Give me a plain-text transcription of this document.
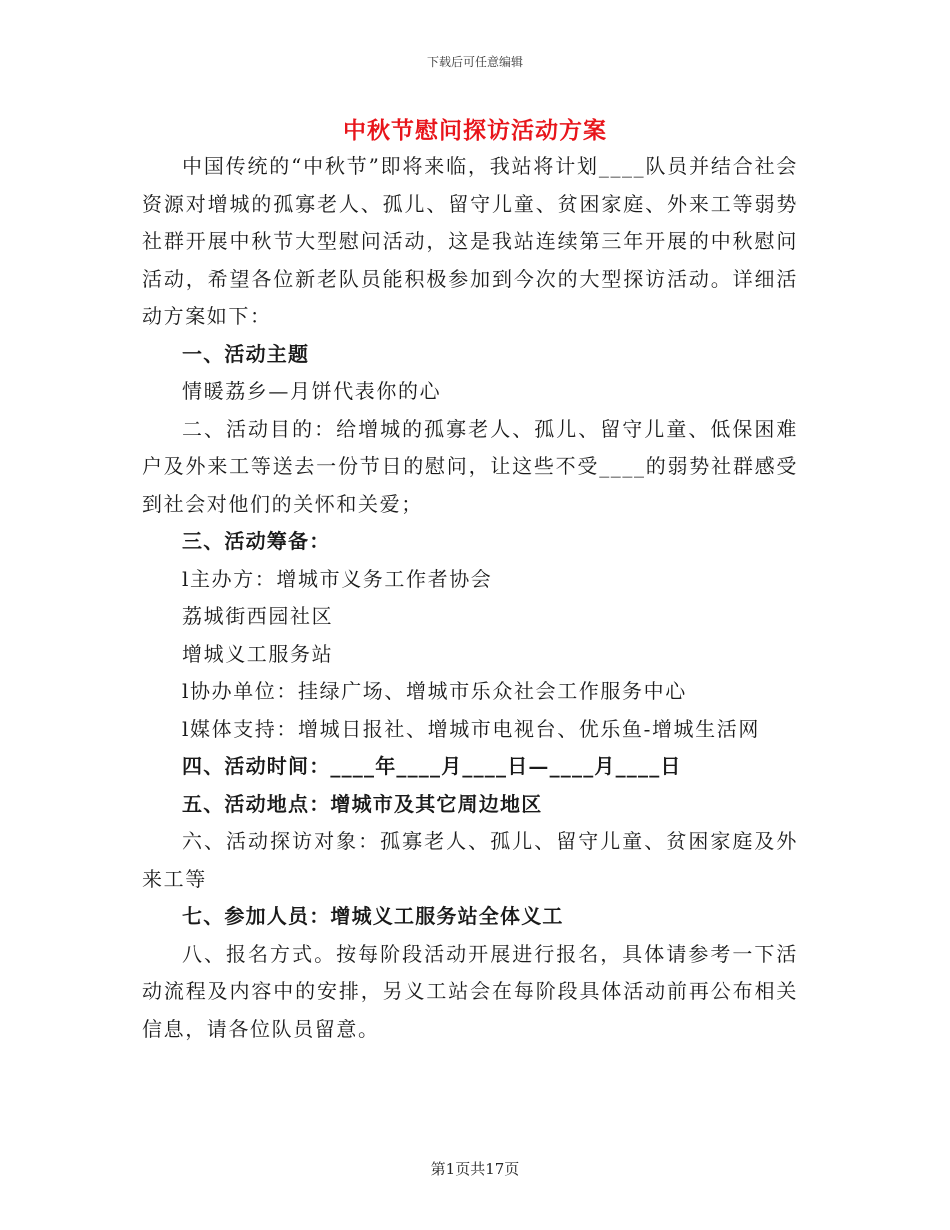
下载后可任意编辑
中秋节慰问探访活动方案

中国传统的“中秋节”即将来临，我站将计划____队员并结合社会资源对增城的孤寡老人、孤儿、留守儿童、贫困家庭、外来工等弱势社群开展中秋节大型慰问活动，这是我站连续第三年开展的中秋慰问活动，希望各位新老队员能积极参加到今次的大型探访活动。详细活动方案如下：

一、活动主题

情暖荔乡—月饼代表你的心

二、活动目的：给增城的孤寡老人、孤儿、留守儿童、低保困难户及外来工等送去一份节日的慰问，让这些不受____的弱势社群感受到社会对他们的关怀和关爱；

三、活动筹备：

l主办方：增城市义务工作者协会

荔城街西园社区

增城义工服务站

l协办单位：挂绿广场、增城市乐众社会工作服务中心

l媒体支持：增城日报社、增城市电视台、优乐鱼-增城生活网

四、活动时间：____年____月____日—____月____日

五、活动地点：增城市及其它周边地区

六、活动探访对象：孤寡老人、孤儿、留守儿童、贫困家庭及外来工等

七、参加人员：增城义工服务站全体义工

八、报名方式。按每阶段活动开展进行报名，具体请参考一下活动流程及内容中的安排，另义工站会在每阶段具体活动前再公布相关信息，请各位队员留意。

第1页共17页
